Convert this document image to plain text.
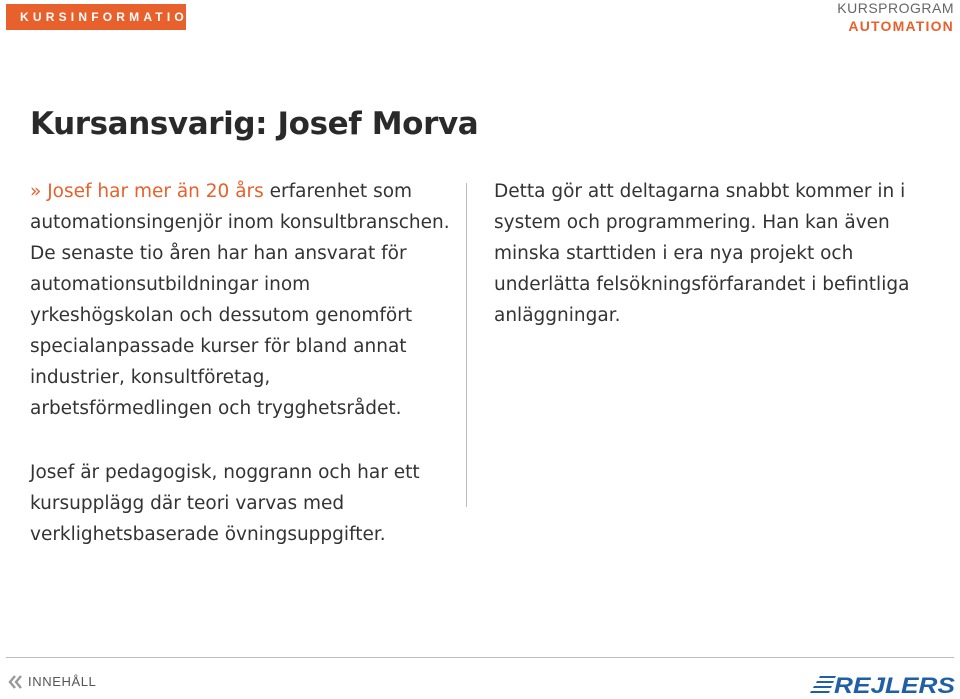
KURSINFORMATION
KURSPROGRAM
AUTOMATION
Kursansvarig: Josef Morva

» Josef har mer än 20 års erfarenhet som automationsingenjör inom konsultbranschen. De senaste tio åren har han ansvarat för automationsutbildningar inom yrkeshögskolan och dessutom genomfört specialanpassade kurser för bland annat industrier, konsultföretag, arbetsförmedlingen och trygghetsrådet.

Josef är pedagogisk, noggrann och har ett kursupplägg där teori varvas med verklighetsbaserade övningsuppgifter.

Detta gör att deltagarna snabbt kommer in i system och programmering. Han kan även minska starttiden i era nya projekt och underlätta felsökningsförfarandet i befintliga anläggningar.

INNEHÅLL	REJLERS
